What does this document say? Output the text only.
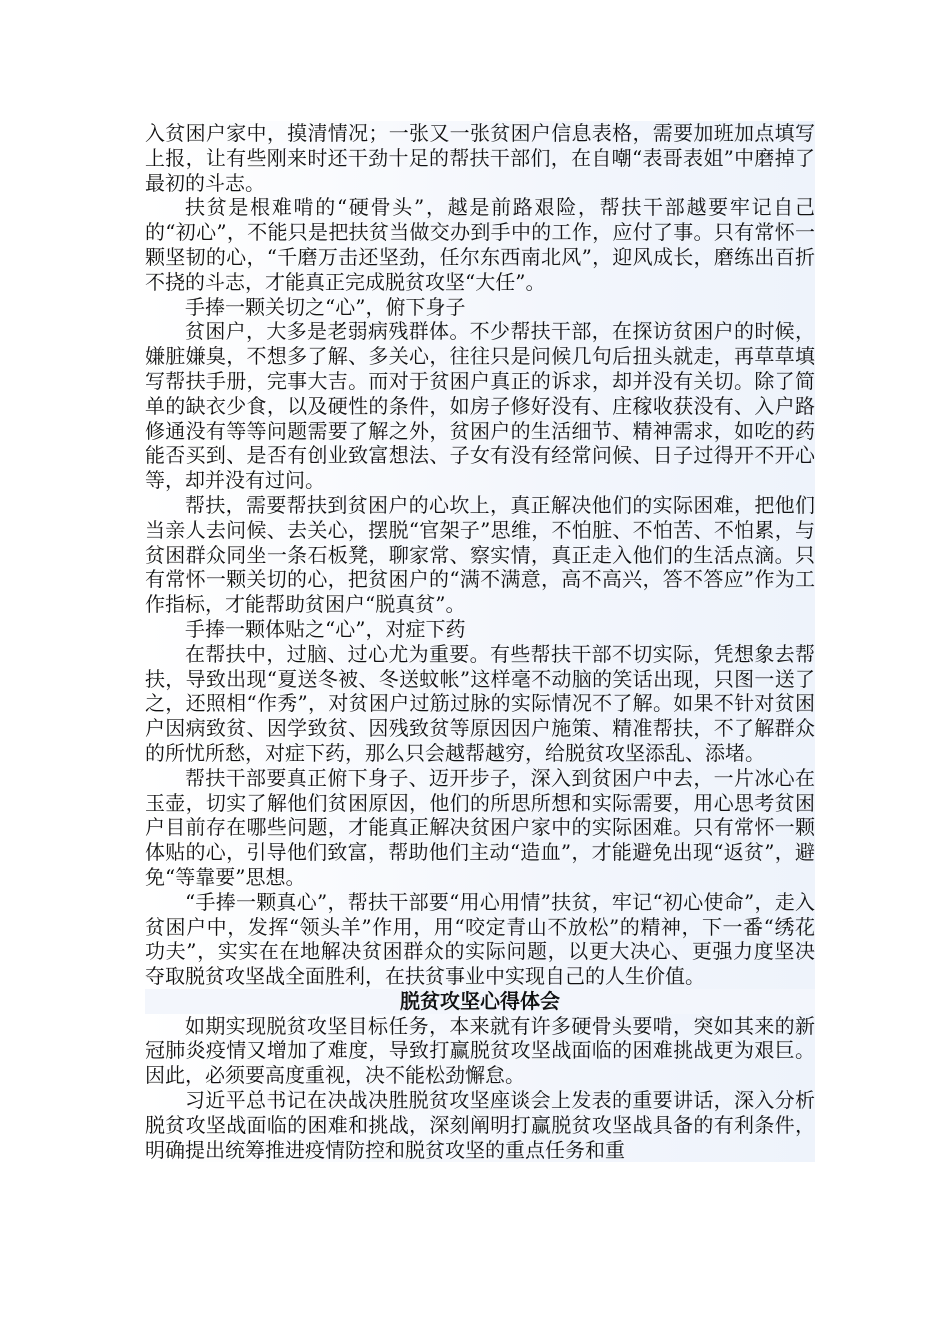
入贫困户家中，摸清情况；一张又一张贫困户信息表格，需要加班加点填写上报，让有些刚来时还干劲十足的帮扶干部们，在自嘲“表哥表姐”中磨掉了最初的斗志。

扶贫是根难啃的“硬骨头”，越是前路艰险，帮扶干部越要牢记自己的“初心”，不能只是把扶贫当做交办到手中的工作，应付了事。只有常怀一颗坚韧的心，“千磨万击还坚劲，任尔东西南北风”，迎风成长，磨练出百折不挠的斗志，才能真正完成脱贫攻坚“大任”。

手捧一颗关切之“心”，俯下身子

贫困户，大多是老弱病残群体。不少帮扶干部，在探访贫困户的时候，嫌脏嫌臭，不想多了解、多关心，往往只是问候几句后扭头就走，再草草填写帮扶手册，完事大吉。而对于贫困户真正的诉求，却并没有关切。除了简单的缺衣少食，以及硬性的条件，如房子修好没有、庄稼收获没有、入户路修通没有等等问题需要了解之外，贫困户的生活细节、精神需求，如吃的药能否买到、是否有创业致富想法、子女有没有经常问候、日子过得开不开心等，却并没有过问。

帮扶，需要帮扶到贫困户的心坎上，真正解决他们的实际困难，把他们当亲人去问候、去关心，摆脱“官架子”思维，不怕脏、不怕苦、不怕累，与贫困群众同坐一条石板凳，聊家常、察实情，真正走入他们的生活点滴。只有常怀一颗关切的心，把贫困户的“满不满意，高不高兴，答不答应”作为工作指标，才能帮助贫困户“脱真贫”。

手捧一颗体贴之“心”，对症下药

在帮扶中，过脑、过心尤为重要。有些帮扶干部不切实际，凭想象去帮扶，导致出现“夏送冬被、冬送蚊帐”这样毫不动脑的笑话出现，只图一送了之，还照相“作秀”，对贫困户过筋过脉的实际情况不了解。如果不针对贫困户因病致贫、因学致贫、因残致贫等原因因户施策、精准帮扶，不了解群众的所忧所愁，对症下药，那么只会越帮越穷，给脱贫攻坚添乱、添堵。

帮扶干部要真正俯下身子、迈开步子，深入到贫困户中去，一片冰心在玉壶，切实了解他们贫困原因，他们的所思所想和实际需要，用心思考贫困户目前存在哪些问题，才能真正解决贫困户家中的实际困难。只有常怀一颗体贴的心，引导他们致富，帮助他们主动“造血”，才能避免出现“返贫”，避免“等靠要”思想。

“手捧一颗真心”，帮扶干部要“用心用情”扶贫，牢记“初心使命”，走入贫困户中，发挥“领头羊”作用，用“咬定青山不放松”的精神，下一番“绣花功夫”，实实在在地解决贫困群众的实际问题，以更大决心、更强力度坚决夺取脱贫攻坚战全面胜利，在扶贫事业中实现自己的人生价值。

脱贫攻坚心得体会

如期实现脱贫攻坚目标任务，本来就有许多硬骨头要啃，突如其来的新冠肺炎疫情又增加了难度，导致打赢脱贫攻坚战面临的困难挑战更为艰巨。因此，必须要高度重视，决不能松劲懈怠。

习近平总书记在决战决胜脱贫攻坚座谈会上发表的重要讲话，深入分析脱贫攻坚战面临的困难和挑战，深刻阐明打赢脱贫攻坚战具备的有利条件，明确提出统筹推进疫情防控和脱贫攻坚的重点任务和重
